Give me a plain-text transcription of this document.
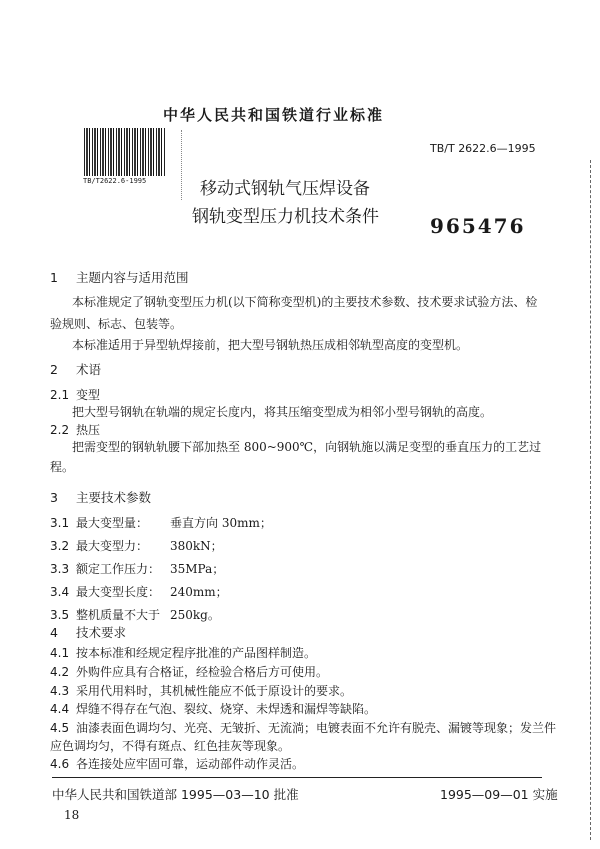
中华人民共和国铁道行业标准
TB/T2622.6-1995
TB/T 2622.6—1995
移动式钢轨气压焊设备
钢轨变型压力机技术条件	965476
1 主题内容与适用范围
本标准规定了钢轨变型压力机(以下简称变型机)的主要技术参数、技术要求试验方法、检
验规则、标志、包装等。
本标准适用于异型轨焊接前，把大型号钢轨热压成相邻轨型高度的变型机。
2 术语
2.1 变型
把大型号钢轨在轨端的规定长度内，将其压缩变型成为相邻小型号钢轨的高度。
2.2 热压
把需变型的钢轨轨腰下部加热至 800~900℃，向钢轨施以满足变型的垂直压力的工艺过
程。
3 主要技术参数
3.1 最大变型量： 垂直方向 30mm；
3.2 最大变型力： 380kN；
3.3 额定工作压力： 35MPa；
3.4 最大变型长度： 240mm；
3.5 整机质量不大于 250kg。
4 技术要求
4.1 按本标准和经规定程序批准的产品图样制造。
4.2 外购件应具有合格证，经检验合格后方可使用。
4.3 采用代用料时，其机械性能应不低于原设计的要求。
4.4 焊缝不得存在气泡、裂纹、烧穿、未焊透和漏焊等缺陷。
4.5 油漆表面色调均匀、光亮、无皱折、无流淌；电镀表面不允许有脱壳、漏镀等现象；发兰件
应色调均匀，不得有斑点、红色挂灰等现象。
4.6 各连接处应牢固可靠，运动部件动作灵活。
中华人民共和国铁道部 1995—03—10 批准	1995—09—01 实施
18
